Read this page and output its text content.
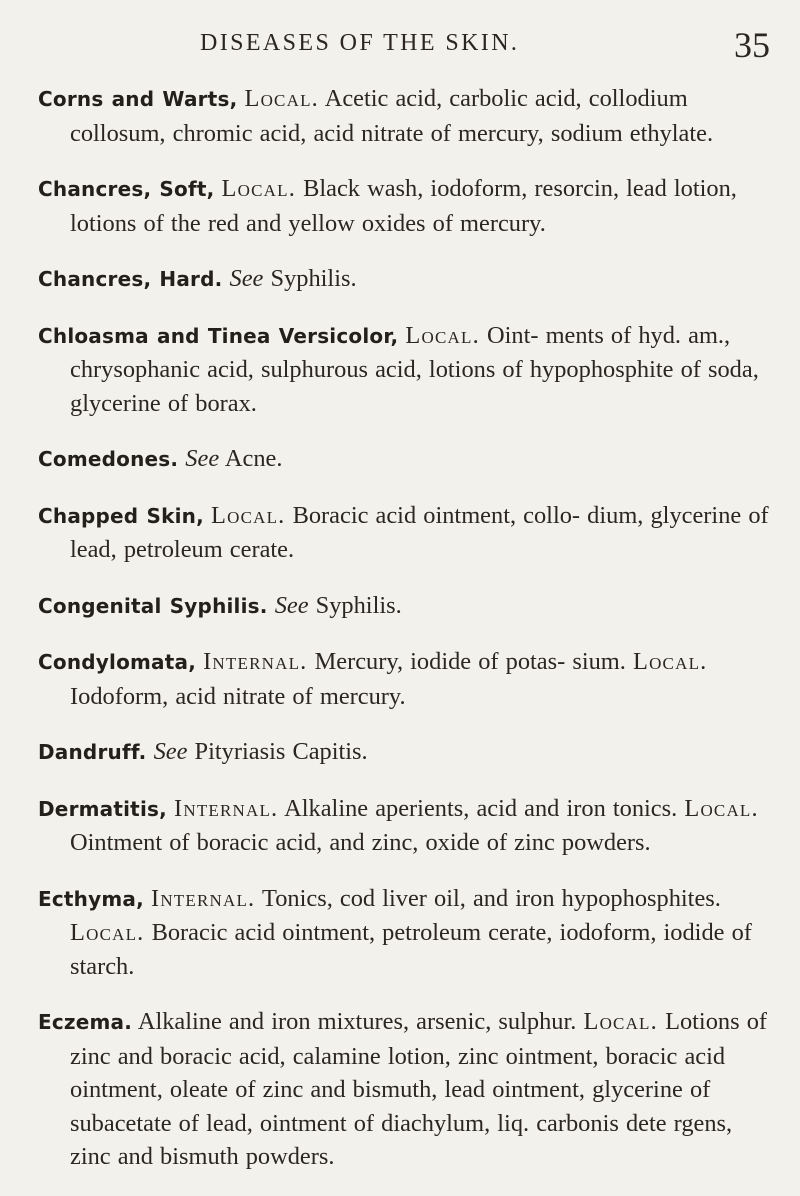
DISEASES OF THE SKIN.	35

Corns and Warts, Local. Acetic acid, carbolic acid, collodium collosum, chromic acid, acid nitrate of mercury, sodium ethylate.

Chancres, Soft, Local. Black wash, iodoform, resorcin, lead lotion, lotions of the red and yellow oxides of mercury.

Chancres, Hard. See Syphilis.

Chloasma and Tinea Versicolor, Local. Oint- ments of hyd. am., chrysophanic acid, sulphurous acid, lotions of hypophosphite of soda, glycerine of borax.

Comedones. See Acne.

Chapped Skin, Local. Boracic acid ointment, collo- dium, glycerine of lead, petroleum cerate.

Congenital Syphilis. See Syphilis.

Condylomata, Internal. Mercury, iodide of potas- sium. Local. Iodoform, acid nitrate of mercury.

Dandruff. See Pityriasis Capitis.

Dermatitis, Internal. Alkaline aperients, acid and iron tonics. Local. Ointment of boracic acid, and zinc, oxide of zinc powders.

Ecthyma, Internal. Tonics, cod liver oil, and iron hypophosphites. Local. Boracic acid ointment, petroleum cerate, iodoform, iodide of starch.

Eczema. Alkaline and iron mixtures, arsenic, sulphur. Local. Lotions of zinc and boracic acid, calamine lotion, zinc ointment, boracic acid ointment, oleate of zinc and bismuth, lead ointment, glycerine of subacetate of lead, ointment of diachylum, liq. carbonis dete rgens, zinc and bismuth powders.
